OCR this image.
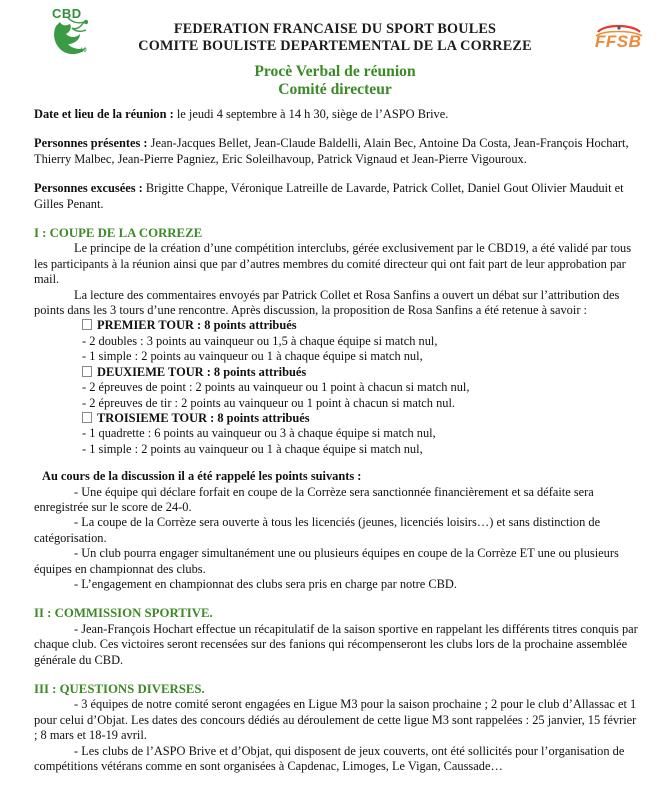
CBD
19	FFSB
FEDERATION FRANCAISE DU SPORT BOULES
COMITE BOULISTE DEPARTEMENTAL DE LA CORREZE
Procè Verbal de réunion
Comité directeur

Date et lieu de la réunion : le jeudi 4 septembre à 14 h 30, siège de l’ASPO Brive.

Personnes présentes : Jean-Jacques Bellet, Jean-Claude Baldelli, Alain Bec, Antoine Da Costa, Jean-François Hochart, Thierry Malbec, Jean-Pierre Pagniez, Eric Soleilhavoup, Patrick Vignaud et Jean-Pierre Vigouroux.

Personnes excusées : Brigitte Chappe, Véronique Latreille de Lavarde, Patrick Collet, Daniel Gout Olivier Mauduit et Gilles Penant.

I : COUPE DE LA CORREZE

Le principe de la création d’une compétition interclubs, gérée exclusivement par le CBD19, a été validé par tous les participants à la réunion ainsi que par d’autres membres du comité directeur qui ont fait part de leur approbation par mail.

La lecture des commentaires envoyés par Patrick Collet et Rosa Sanfins a ouvert un débat sur l’attribution des points dans les 3 tours d’une rencontre. Après discussion, la proposition de Rosa Sanfins a été retenue à savoir :

PREMIER TOUR : 8 points attribués

- 2 doubles : 3 points au vainqueur ou 1,5 à chaque équipe si match nul,

- 1 simple : 2 points au vainqueur ou 1 à chaque équipe si match nul,

DEUXIEME TOUR : 8 points attribués

- 2 épreuves de point : 2 points au vainqueur ou 1 point à chacun si match nul,

- 2 épreuves de tir : 2 points au vainqueur ou 1 point à chacun si match nul.

TROISIEME TOUR : 8 points attribués

- 1 quadrette : 6 points au vainqueur ou 3 à chaque équipe si match nul,

- 1 simple : 2 points au vainqueur ou 1 à chaque équipe si match nul,

Au cours de la discussion il a été rappelé les points suivants :

- Une équipe qui déclare forfait en coupe de la Corrèze sera sanctionnée financièrement et sa défaite sera enregistrée sur le score de 24-0.

- La coupe de la Corrèze sera ouverte à tous les licenciés (jeunes, licenciés loisirs…) et sans distinction de catégorisation.

- Un club pourra engager simultanément une ou plusieurs équipes en coupe de la Corrèze ET une ou plusieurs équipes en championnat des clubs.

- L’engagement en championnat des clubs sera pris en charge par notre CBD.

II : COMMISSION SPORTIVE.

- Jean-François Hochart effectue un récapitulatif de la saison sportive en rappelant les différents titres conquis par chaque club. Ces victoires seront recensées sur des fanions qui récompenseront les clubs lors de la prochaine assemblée générale du CBD.

III : QUESTIONS DIVERSES.

- 3 équipes de notre comité seront engagées en Ligue M3 pour la saison prochaine ; 2 pour le club d’Allassac et 1 pour celui d’Objat. Les dates des concours dédiés au déroulement de cette ligue M3 sont rappelées : 25 janvier, 15 février ; 8 mars et 18-19 avril.

- Les clubs de l’ASPO Brive et d’Objat, qui disposent de jeux couverts, ont été sollicités pour l’organisation de compétitions vétérans comme en sont organisées à Capdenac, Limoges, Le Vigan, Caussade…
